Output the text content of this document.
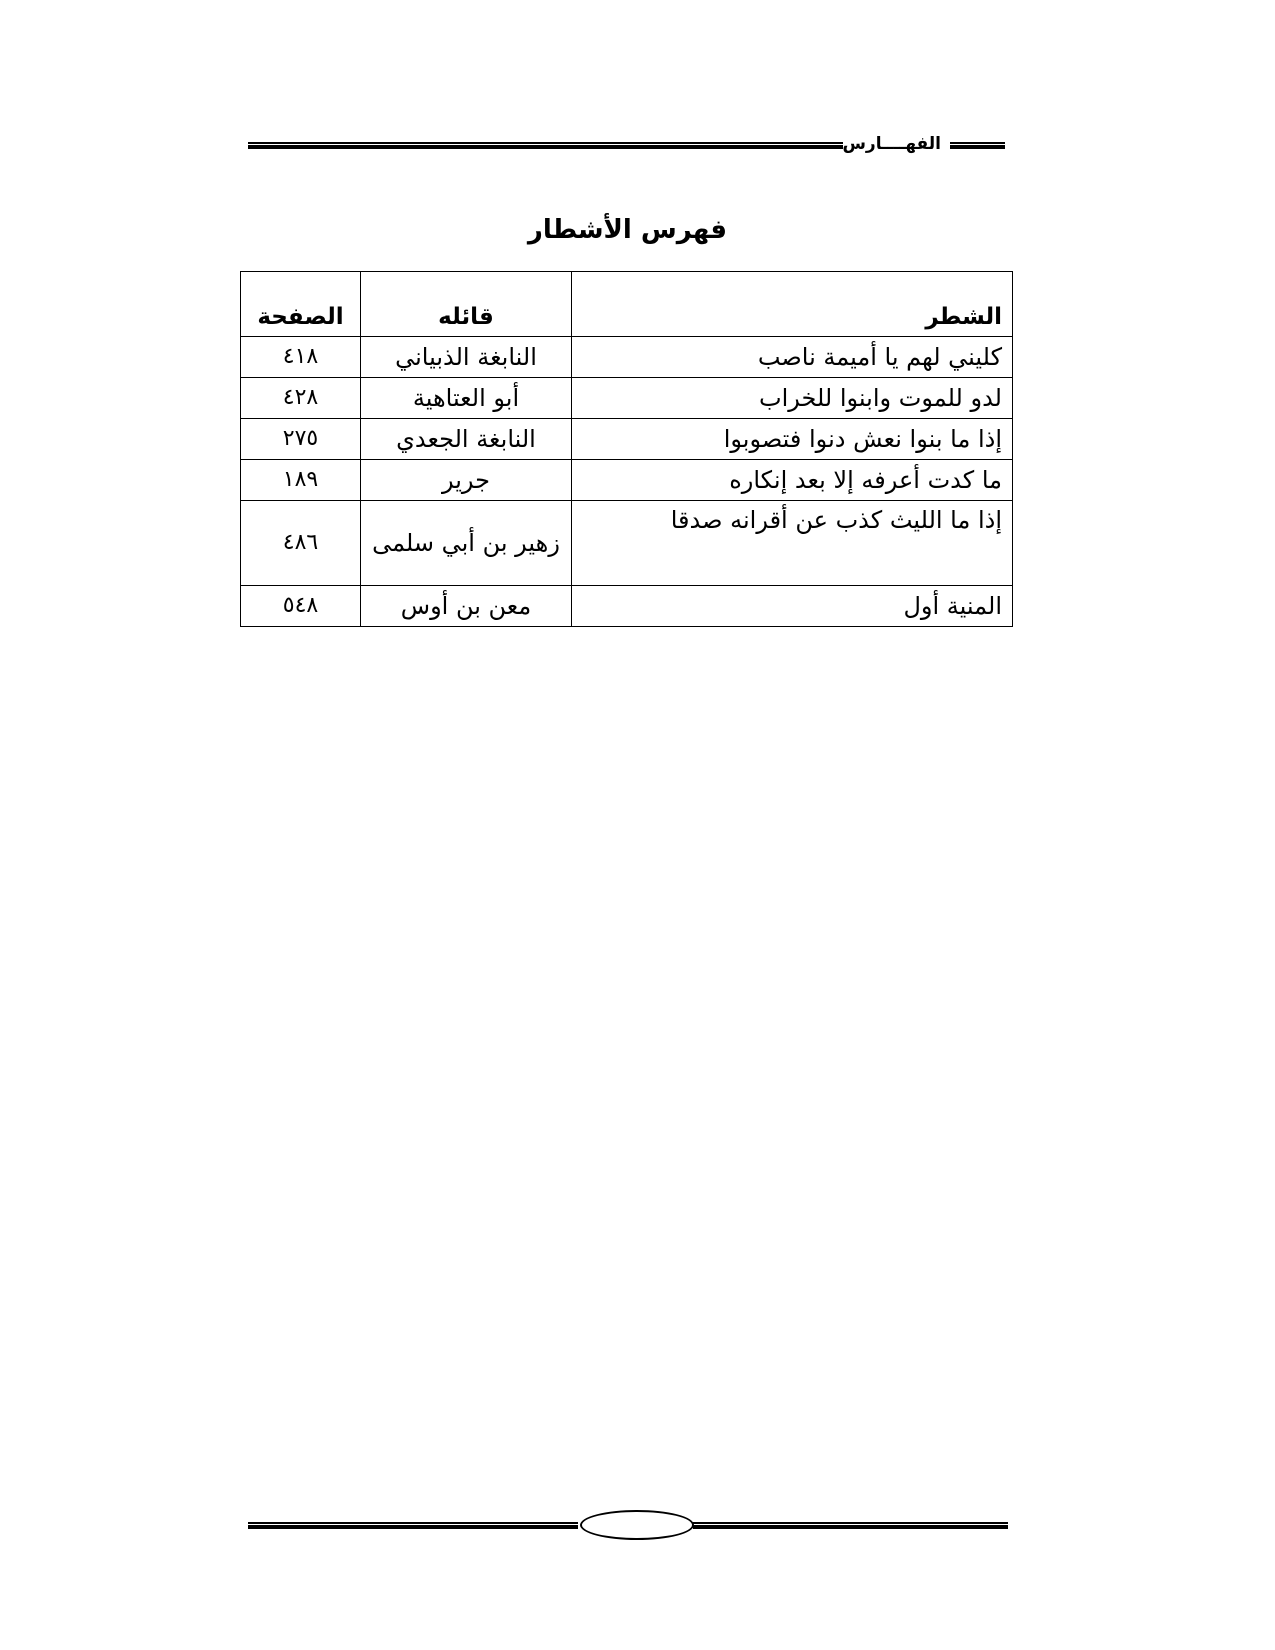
الفهــــارس
فهرس الأشطار
الشطر	قائله	الصفحة
كليني لهم يا أميمة ناصب	النابغة الذبياني	٤١٨
لدو للموت وابنوا للخراب	أبو العتاهية	٤٢٨
إذا ما بنوا نعش دنوا فتصوبوا	النابغة الجعدي	٢٧٥
ما كدت أعرفه إلا بعد إنكاره	جرير	١٨٩
إذا ما الليث كذب عن أقرانه صدقا	زهير بن أبي سلمى	٤٨٦
المنية أول	معن بن أوس	٥٤٨
